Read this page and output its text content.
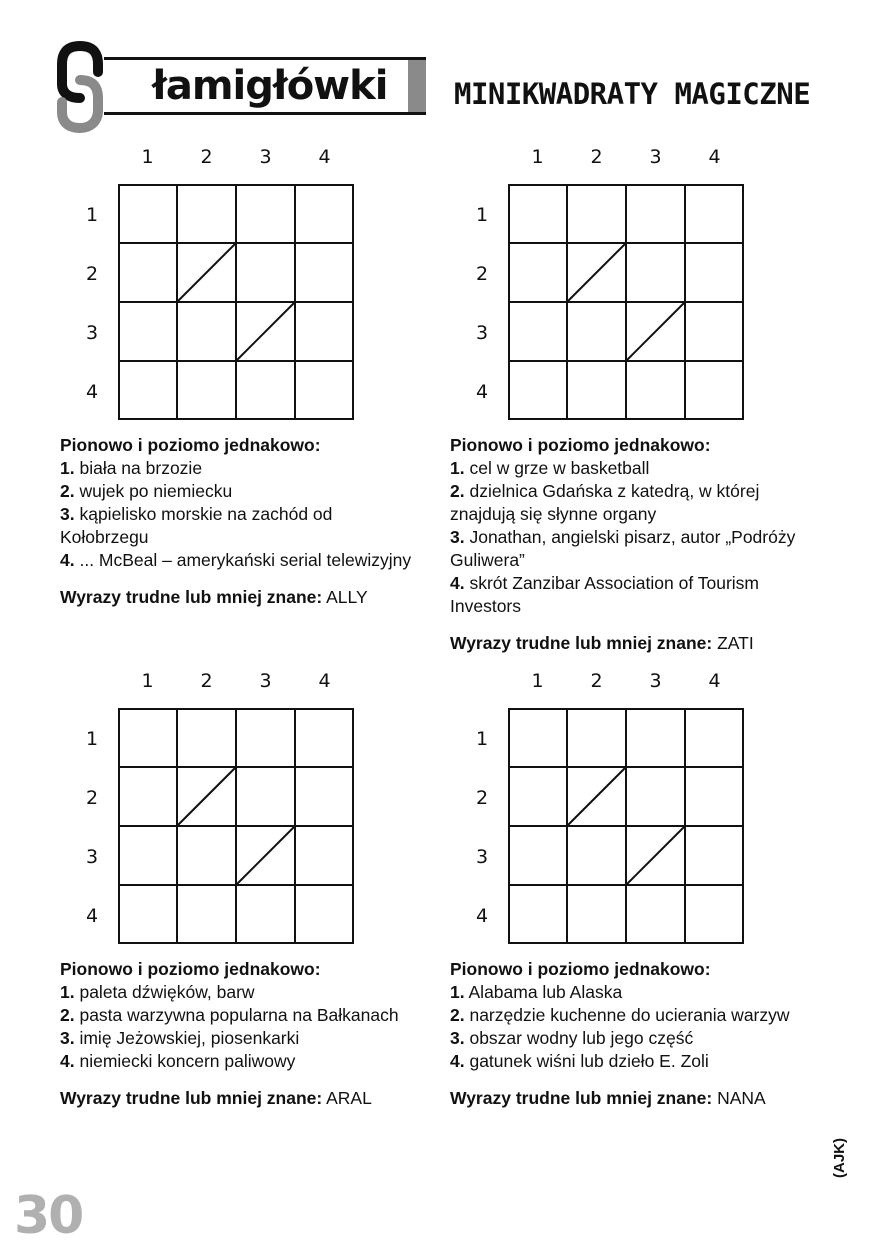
łamigłówki MINIKWADRATY MAGICZNE
1	2	3	4
1
2
3
4
Pionowo i poziomo jednakowo:
1. biała na brzozie
2. wujek po niemiecku
3. kąpielisko morskie na zachód od Kołobrzegu
4. ... McBeal – amerykański serial telewizyjny
Wyrazy trudne lub mniej znane: ALLY
1	2	3	4
1
2
3
4
Pionowo i poziomo jednakowo:
1. cel w grze w basketball
2. dzielnica Gdańska z katedrą, w której znajdują się słynne organy
3. Jonathan, angielski pisarz, autor „Podróży Guliwera”
4. skrót Zanzibar Association of Tourism Investors
Wyrazy trudne lub mniej znane: ZATI
1	2	3	4
1
2
3
4
Pionowo i poziomo jednakowo:
1. paleta dźwięków, barw
2. pasta warzywna popularna na Bałkanach
3. imię Jeżowskiej, piosenkarki
4. niemiecki koncern paliwowy
Wyrazy trudne lub mniej znane: ARAL
1	2	3	4
1
2
3
4
Pionowo i poziomo jednakowo:
1. Alabama lub Alaska
2. narzędzie kuchenne do ucierania warzyw
3. obszar wodny lub jego część
4. gatunek wiśni lub dzieło E. Zoli
Wyrazy trudne lub mniej znane: NANA
(AJK)
30
